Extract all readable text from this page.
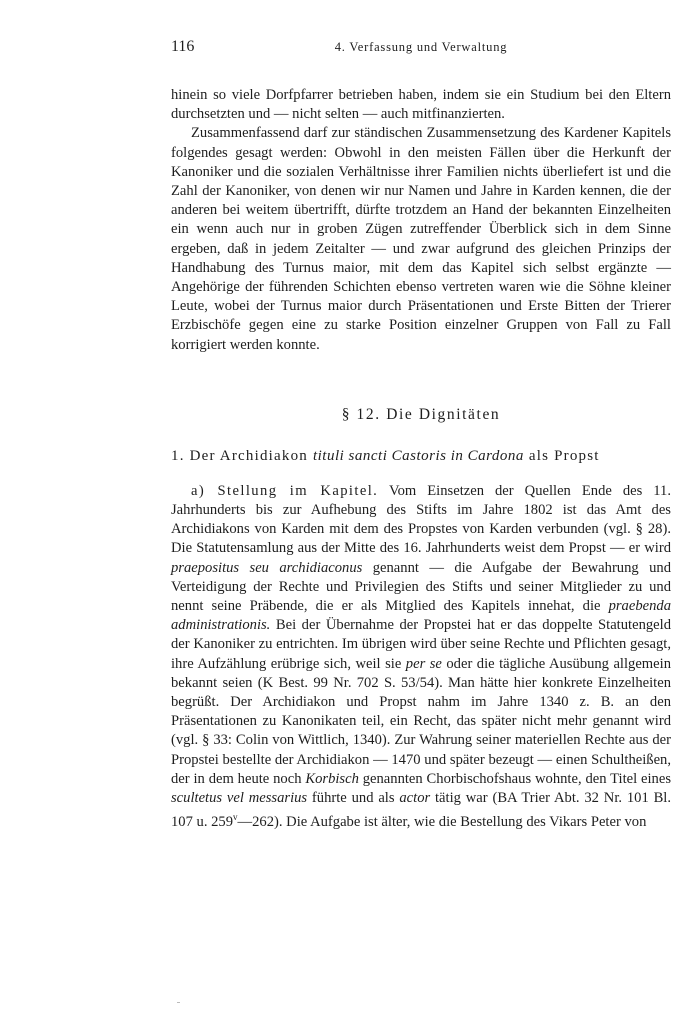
116	4. Verfassung und Verwaltung

hinein so viele Dorfpfarrer betrieben haben, indem sie ein Studium bei den Eltern durchsetzten und — nicht selten — auch mitfinanzierten.

Zusammenfassend darf zur ständischen Zusammensetzung des Kardener Kapitels folgendes gesagt werden: Obwohl in den meisten Fällen über die Herkunft der Kanoniker und die sozialen Verhältnisse ihrer Familien nichts überliefert ist und die Zahl der Kanoniker, von denen wir nur Namen und Jahre in Karden kennen, die der anderen bei weitem übertrifft, dürfte trotzdem an Hand der bekannten Einzelheiten ein wenn auch nur in groben Zügen zutreffender Überblick sich in dem Sinne ergeben, daß in jedem Zeitalter — und zwar aufgrund des gleichen Prinzips der Handhabung des Turnus maior, mit dem das Kapitel sich selbst ergänzte — Angehörige der führenden Schichten ebenso vertreten waren wie die Söhne kleiner Leute, wobei der Turnus maior durch Präsentationen und Erste Bitten der Trierer Erzbischöfe gegen eine zu starke Position einzelner Gruppen von Fall zu Fall korrigiert werden konnte.

§ 12. Die Dignitäten
1. Der Archidiakon tituli sancti Castoris in Cardona als Propst

a) Stellung im Kapitel. Vom Einsetzen der Quellen Ende des 11. Jahrhunderts bis zur Aufhebung des Stifts im Jahre 1802 ist das Amt des Archidiakons von Karden mit dem des Propstes von Karden verbunden (vgl. § 28). Die Statutensamlung aus der Mitte des 16. Jahrhunderts weist dem Propst — er wird praepositus seu archidiaconus genannt — die Aufgabe der Bewahrung und Verteidigung der Rechte und Privilegien des Stifts und seiner Mitglieder zu und nennt seine Präbende, die er als Mitglied des Kapitels innehat, die praebenda administrationis. Bei der Übernahme der Propstei hat er das doppelte Statutengeld der Kanoniker zu entrichten. Im übrigen wird über seine Rechte und Pflichten gesagt, ihre Aufzählung erübrige sich, weil sie per se oder die tägliche Ausübung allgemein bekannt seien (K Best. 99 Nr. 702 S. 53/54). Man hätte hier konkrete Einzelheiten begrüßt. Der Archidiakon und Propst nahm im Jahre 1340 z. B. an den Präsentationen zu Kanonikaten teil, ein Recht, das später nicht mehr genannt wird (vgl. § 33: Colin von Wittlich, 1340). Zur Wahrung seiner materiellen Rechte aus der Propstei bestellte der Archidiakon — 1470 und später bezeugt — einen Schultheißen, der in dem heute noch Korbisch genannten Chorbischofshaus wohnte, den Titel eines scultetus vel messarius führte und als actor tätig war (BA Trier Abt. 32 Nr. 101 Bl. 107 u. 259$^v$—262). Die Aufgabe ist älter, wie die Bestellung des Vikars Peter von
